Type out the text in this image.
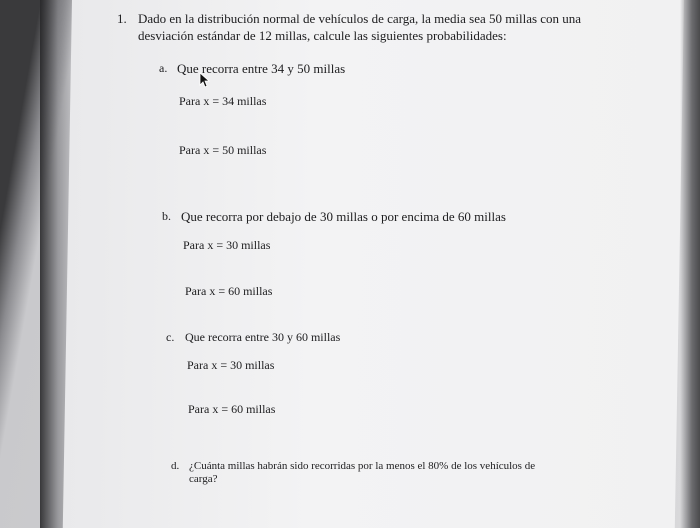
1. Dado en la distribución normal de vehículos de carga, la media sea 50 millas con una
desviación estándar de 12 millas, calcule las siguientes probabilidades:
a. Que recorra entre 34 y 50 millas
Para x = 34 millas
Para x = 50 millas
b. Que recorra por debajo de 30 millas o por encima de 60 millas
Para x = 30 millas
Para x = 60 millas
c. Que recorra entre 30 y 60 millas
Para x = 30 millas
Para x = 60 millas
d. ¿Cuánta millas habrán sido recorridas por la menos el 80% de los vehículos de
carga?
